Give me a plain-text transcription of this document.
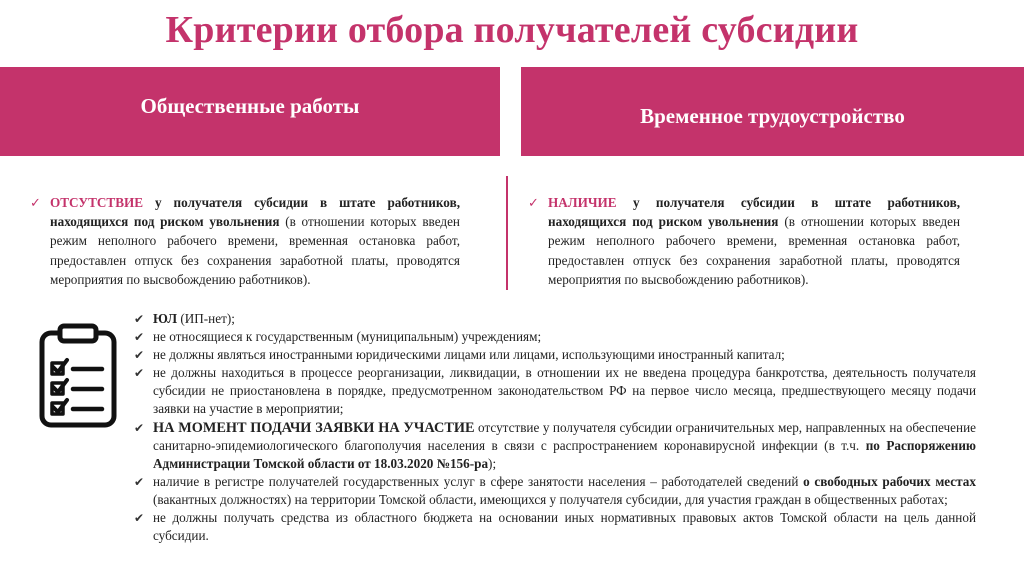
Критерии отбора получателей субсидии
Общественные работы	Временное трудоустройство
✓ ОТСУТСТВИЕ у получателя субсидии в штате работников, находящихся под риском увольнения (в отношении которых введен режим неполного рабочего времени, временная остановка работ, предоставлен отпуск без сохранения заработной платы, проводятся мероприятия по высвобождению работников).
✓ НАЛИЧИЕ у получателя субсидии в штате работников, находящихся под риском увольнения (в отношении которых введен режим неполного рабочего времени, временная остановка работ, предоставлен отпуск без сохранения заработной платы, проводятся мероприятия по высвобождению работников).
✔ ЮЛ (ИП-нет);
✔ не относящиеся к государственным (муниципальным) учреждениям;
✔ не должны являться иностранными юридическими лицами или лицами, использующими иностранный капитал;
✔ не должны находиться в процессе реорганизации, ликвидации, в отношении их не введена процедура банкротства, деятельность получателя субсидии не приостановлена в порядке, предусмотренном законодательством РФ на первое число месяца, предшествующего месяцу подачи заявки на участие в мероприятии;
✔ НА МОМЕНТ ПОДАЧИ ЗАЯВКИ НА УЧАСТИЕ отсутствие у получателя субсидии ограничительных мер, направленных на обеспечение санитарно-эпидемиологического благополучия населения в связи с распространением коронавирусной инфекции (в т.ч. по Распоряжению Администрации Томской области от 18.03.2020 №156-ра);
✔ наличие в регистре получателей государственных услуг в сфере занятости населения – работодателей сведений о свободных рабочих местах (вакантных должностях) на территории Томской области, имеющихся у получателя субсидии, для участия граждан в общественных работах;
✔ не должны получать средства из областного бюджета на основании иных нормативных правовых актов Томской области на цель данной субсидии.
